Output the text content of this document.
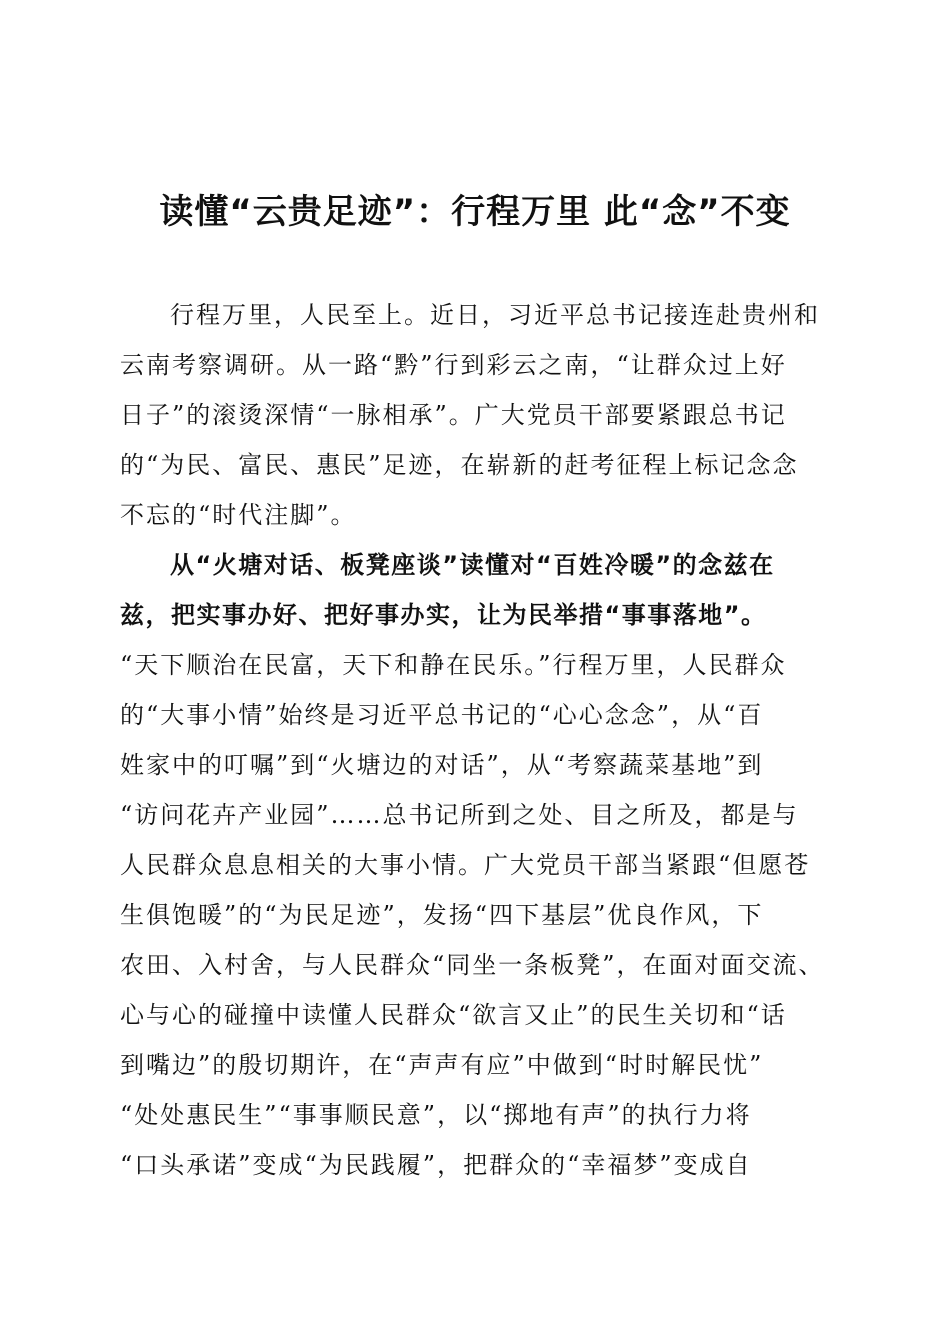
读懂“云贵足迹”：行程万里 此“念”不变
行程万里，人民至上。近日，习近平总书记接连赴贵州和
云南考察调研。从一路“黔”行到彩云之南，“让群众过上好
日子”的滚烫深情“一脉相承”。广大党员干部要紧跟总书记
的“为民、富民、惠民”足迹，在崭新的赶考征程上标记念念
不忘的“时代注脚”。
从“火塘对话、板凳座谈”读懂对“百姓冷暖”的念兹在
兹，把实事办好、把好事办实，让为民举措“事事落地”。
“天下顺治在民富，天下和静在民乐。”行程万里，人民群众
的“大事小情”始终是习近平总书记的“心心念念”，从“百
姓家中的叮嘱”到“火塘边的对话”，从“考察蔬菜基地”到
“访问花卉产业园”……总书记所到之处、目之所及，都是与
人民群众息息相关的大事小情。广大党员干部当紧跟“但愿苍
生俱饱暖”的“为民足迹”，发扬“四下基层”优良作风，下
农田、入村舍，与人民群众“同坐一条板凳”，在面对面交流、
心与心的碰撞中读懂人民群众“欲言又止”的民生关切和“话
到嘴边”的殷切期许，在“声声有应”中做到“时时解民忧”
“处处惠民生”“事事顺民意”，以“掷地有声”的执行力将
“口头承诺”变成“为民践履”，把群众的“幸福梦”变成自
